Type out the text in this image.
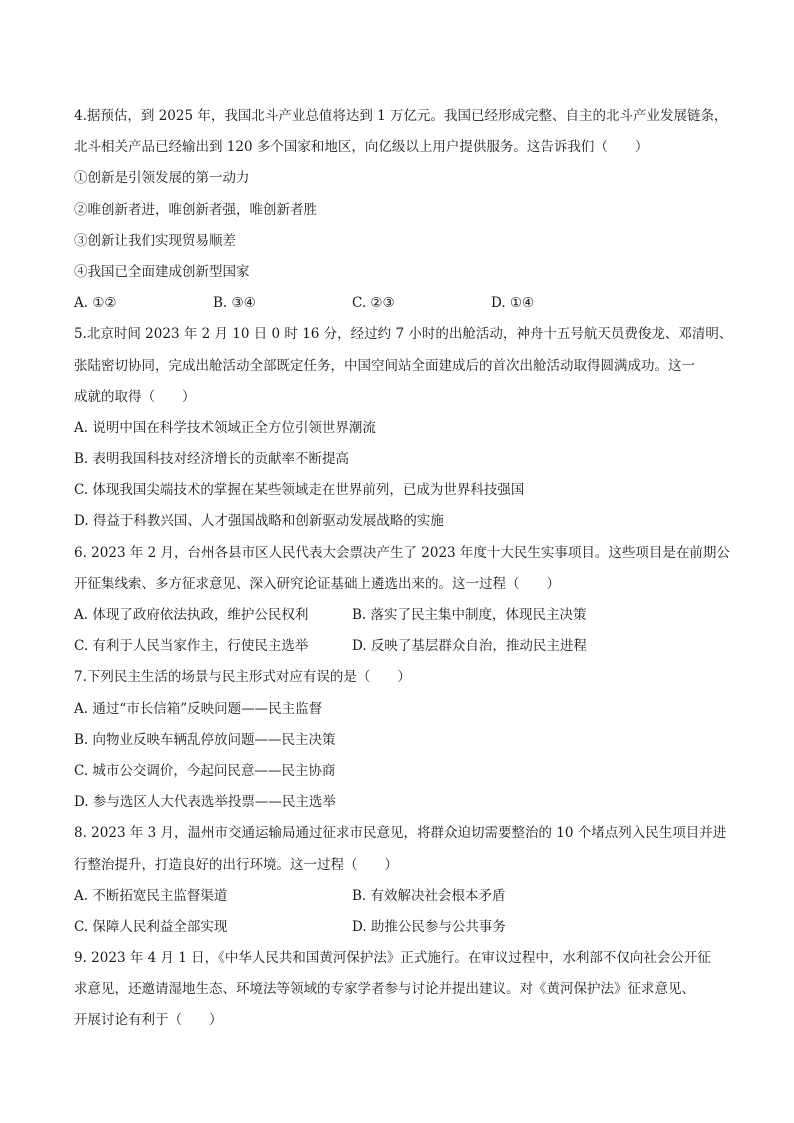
4.据预估，到 2025 年，我国北斗产业总值将达到 1 万亿元。我国已经形成完整、自主的北斗产业发展链条，
北斗相关产品已经输出到 120 多个国家和地区，向亿级以上用户提供服务。这告诉我们（　　）
①创新是引领发展的第一动力
②唯创新者进，唯创新者强，唯创新者胜
③创新让我们实现贸易顺差
④我国已全面建成创新型国家
A. ①②	B. ③④	C. ②③	D. ①④
5.北京时间 2023 年 2 月 10 日 0 时 16 分，经过约 7 小时的出舱活动，神舟十五号航天员费俊龙、邓清明、
张陆密切协同，完成出舱活动全部既定任务，中国空间站全面建成后的首次出舱活动取得圆满成功。这一
成就的取得（　　）
A. 说明中国在科学技术领域正全方位引领世界潮流
B. 表明我国科技对经济增长的贡献率不断提高
C. 体现我国尖端技术的掌握在某些领域走在世界前列，已成为世界科技强国
D. 得益于科教兴国、人才强国战略和创新驱动发展战略的实施
6. 2023 年 2 月，台州各县市区人民代表大会票决产生了 2023 年度十大民生实事项目。这些项目是在前期公
开征集线索、多方征求意见、深入研究论证基础上遴选出来的。这一过程（　　）
A. 体现了政府依法执政，维护公民权利	B. 落实了民主集中制度，体现民主决策
C. 有利于人民当家作主，行使民主选举	D. 反映了基层群众自治，推动民主进程
7.下列民主生活的场景与民主形式对应有误的是（　　）
A. 通过“市长信箱”反映问题——民主监督
B. 向物业反映车辆乱停放问题——民主决策
C. 城市公交调价，今起问民意——民主协商
D. 参与选区人大代表选举投票——民主选举
8. 2023 年 3 月，温州市交通运输局通过征求市民意见，将群众迫切需要整治的 10 个堵点列入民生项目并进
行整治提升，打造良好的出行环境。这一过程（　　）
A. 不断拓宽民主监督渠道	B. 有效解决社会根本矛盾
C. 保障人民利益全部实现	D. 助推公民参与公共事务
9. 2023 年 4 月 1 日，《中华人民共和国黄河保护法》正式施行。在审议过程中，水利部不仅向社会公开征
求意见，还邀请湿地生态、环境法等领域的专家学者参与讨论并提出建议。对《黄河保护法》征求意见、
开展讨论有利于（　　）
